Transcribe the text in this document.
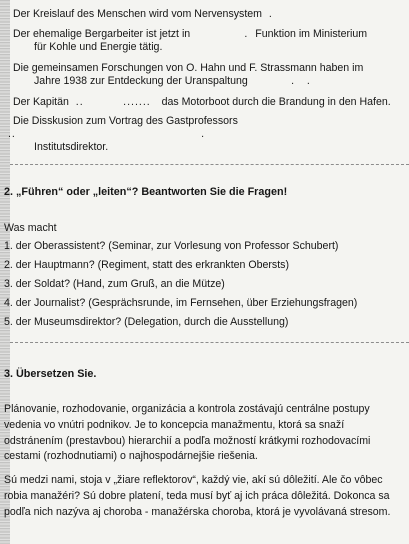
Der Kreislauf des Menschen wird vom Nervensystem  .
Der ehemalige Bergarbeiter ist jetzt in              .  Funktion im Ministerium
für Kohle und Energie tätig.
Die gemeinsamen Forschungen von O. Hahn und F. Strassmann haben im
Jahre 1938 zur Entdeckung der Uranspaltung           .   .
Der Kapitän  ..          .......   das Motorboot durch die Brandung in den Hafen.
Die Disskusion zum Vortrag des Gastprofessors  ..                                               .
Institutsdirektor.
2. „Führen“ oder „leiten“? Beantworten Sie die Fragen!
Was macht
1. der Oberassistent? (Seminar, zur Vorlesung von Professor Schubert)
2. der Hauptmann? (Regiment, statt des erkrankten Obersts)
3. der Soldat? (Hand, zum Gruß, an die Mütze)
4. der Journalist? (Gesprächsrunde, im Fernsehen, über Erziehungsfragen)
5. der Museumsdirektor? (Delegation, durch die Ausstellung)
3. Übersetzen Sie.
Plánovanie, rozhodovanie, organizácia a kontrola zostávajú centrálne postupy vedenia vo vnútri podnikov. Je to koncepcia manažmentu, ktorá sa snaží odstránením (prestavbou) hierarchií a podľa možností krátkymi rozhodovacími cestami (rozhodnutiami) o najhospodárnejšie riešenia.
Sú medzi nami, stoja v „žiare reflektorov“, každý vie, akí sú dôležití. Ale čo vôbec robia manažéri? Sú dobre platení, teda musí byť aj ich práca dôležitá. Dokonca sa podľa nich nazýva aj choroba - manažérska choroba, ktorá je vyvolávaná stresom.
